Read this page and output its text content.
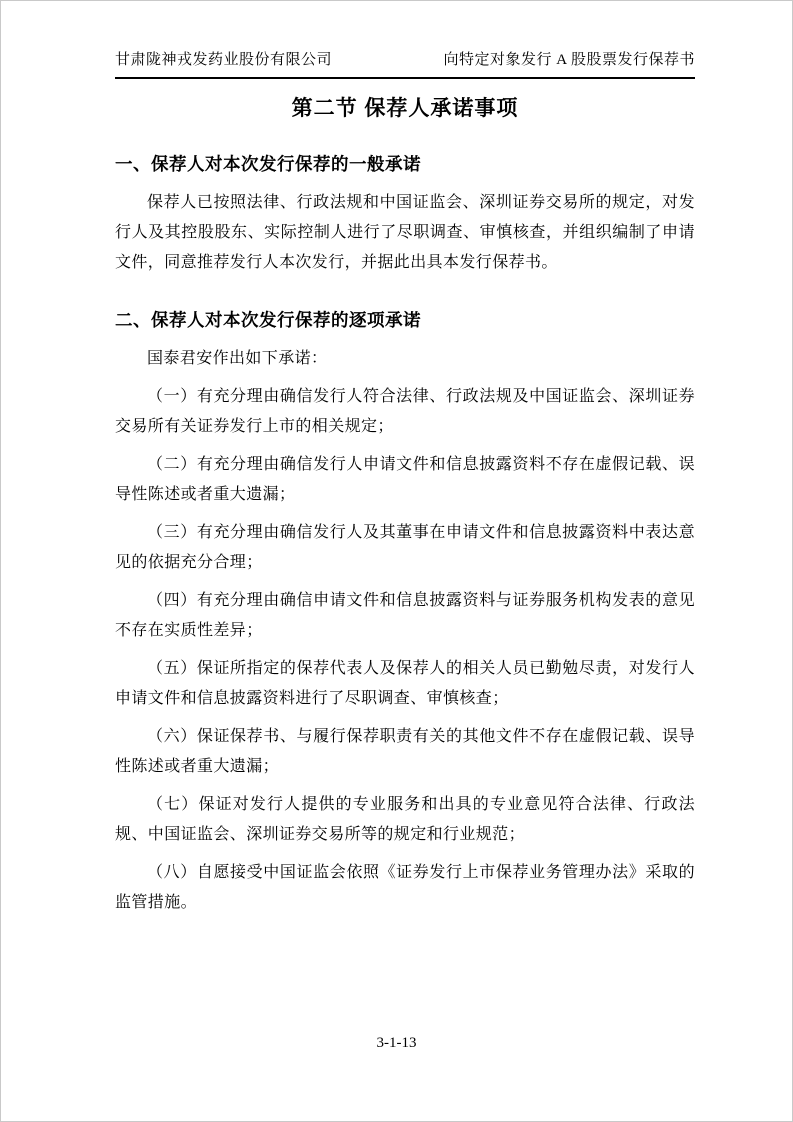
甘肃陇神戎发药业股份有限公司	向特定对象发行 A 股股票发行保荐书
第二节 保荐人承诺事项
一、保荐人对本次发行保荐的一般承诺

保荐人已按照法律、行政法规和中国证监会、深圳证券交易所的规定，对发行人及其控股股东、实际控制人进行了尽职调查、审慎核查，并组织编制了申请文件，同意推荐发行人本次发行，并据此出具本发行保荐书。

二、保荐人对本次发行保荐的逐项承诺

国泰君安作出如下承诺：

（一）有充分理由确信发行人符合法律、行政法规及中国证监会、深圳证券交易所有关证券发行上市的相关规定；

（二）有充分理由确信发行人申请文件和信息披露资料不存在虚假记载、误导性陈述或者重大遗漏；

（三）有充分理由确信发行人及其董事在申请文件和信息披露资料中表达意见的依据充分合理；

（四）有充分理由确信申请文件和信息披露资料与证券服务机构发表的意见不存在实质性差异；

（五）保证所指定的保荐代表人及保荐人的相关人员已勤勉尽责，对发行人申请文件和信息披露资料进行了尽职调查、审慎核查；

（六）保证保荐书、与履行保荐职责有关的其他文件不存在虚假记载、误导性陈述或者重大遗漏；

（七）保证对发行人提供的专业服务和出具的专业意见符合法律、行政法规、中国证监会、深圳证券交易所等的规定和行业规范；

（八）自愿接受中国证监会依照《证券发行上市保荐业务管理办法》采取的监管措施。

3-1-13
